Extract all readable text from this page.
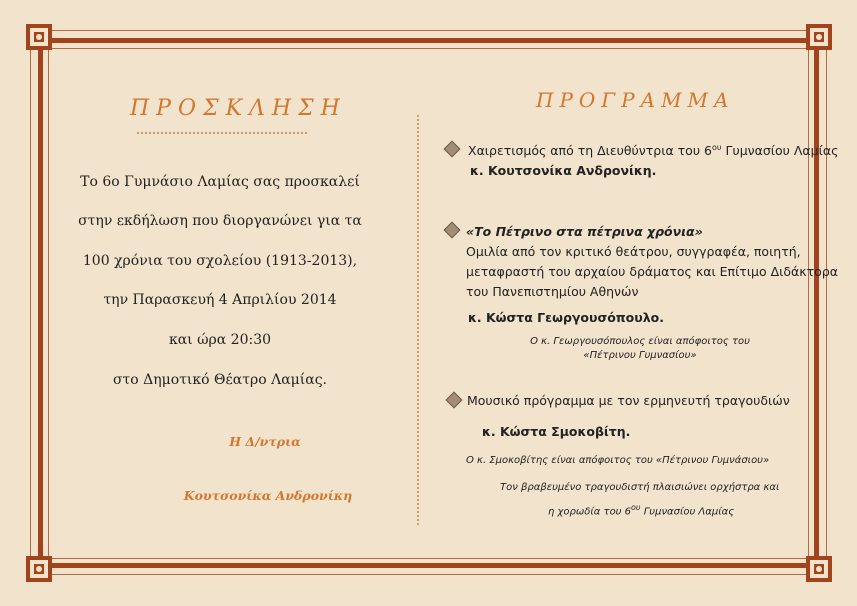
ΠΡΟΣΚΛΗΣΗ
Το 6ο Γυμνάσιο Λαμίας σας προσκαλεί
στην εκδήλωση που διοργανώνει για τα
100 χρόνια του σχολείου (1913-2013),
την Παρασκευή 4 Απριλίου 2014
και ώρα 20:30
στο Δημοτικό Θέατρο Λαμίας.
Η Δ/ντρια
Κουτσονίκα Ανδρονίκη
ΠΡΟΓΡΑΜΜΑ
Χαιρετισμός από τη Διευθύντρια του $6^{o\upsilon}$ Γυμνασίου Λαμίας
κ. Κουτσονίκα Ανδρονίκη.
«Το Πέτρινο στα πέτρινα χρόνια»
Ομιλία από τον κριτικό θεάτρου, συγγραφέα, ποιητή,
μεταφραστή του αρχαίου δράματος και Επίτιμο Διδάκτορα
του Πανεπιστημίου Αθηνών
κ. Κώστα Γεωργουσόπουλο.
Ο κ. Γεωργουσόπουλος είναι απόφοιτος του
«Πέτρινου Γυμνασίου»
Μουσικό πρόγραμμα με τον ερμηνευτή τραγουδιών
κ. Κώστα Σμοκοβίτη.
Ο κ. Σμοκοβίτης είναι απόφοιτος του «Πέτρινου Γυμνάσιου»
Τον βραβευμένο τραγουδιστή πλαισιώνει ορχήστρα και
η χορωδία του $6^{o\upsilon}$ Γυμνασίου Λαμίας
